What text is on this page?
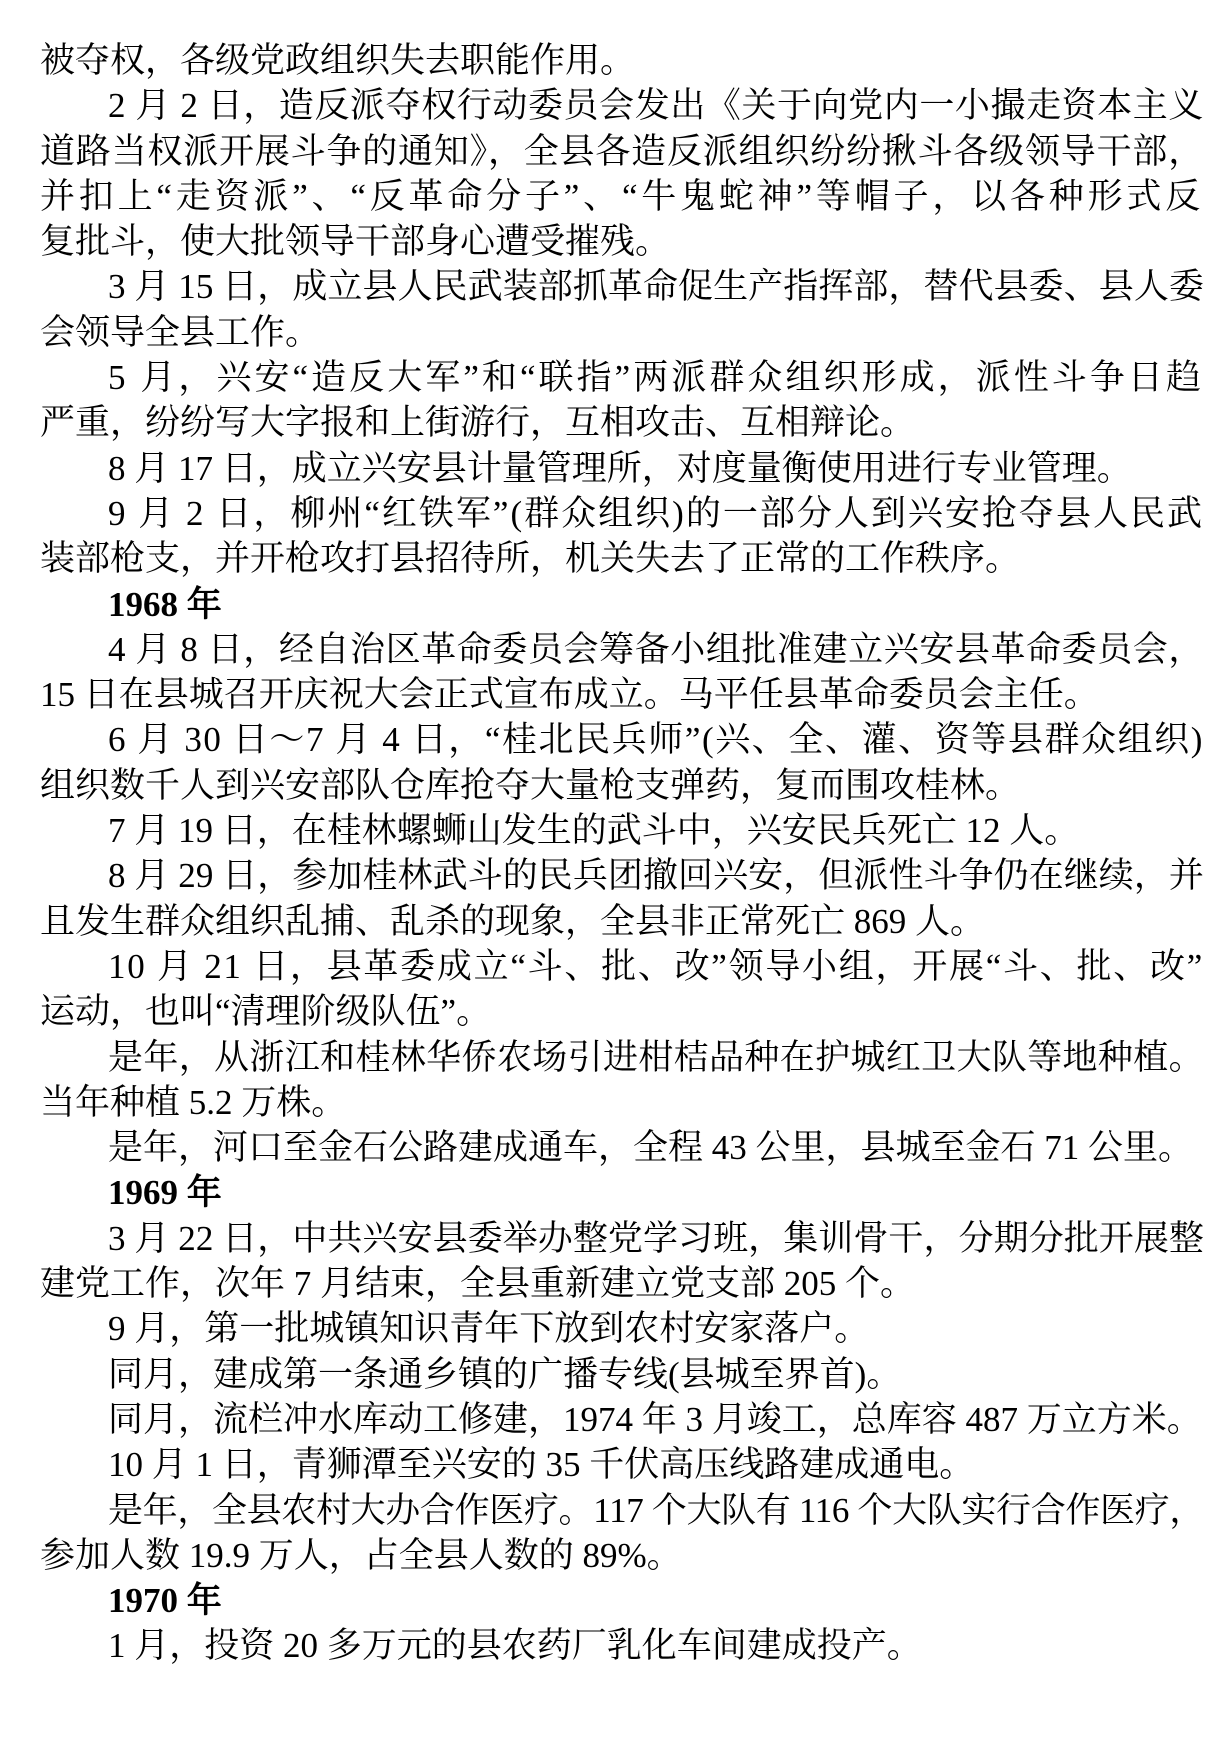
被夺权，各级党政组织失去职能作用。
2 月 2 日，造反派夺权行动委员会发出《关于向党内一小撮走资本主义
道路当权派开展斗争的通知》，全县各造反派组织纷纷揪斗各级领导干部，
并扣上“走资派”、“反革命分子”、“牛鬼蛇神”等帽子，以各种形式反
复批斗，使大批领导干部身心遭受摧残。
3 月 15 日，成立县人民武装部抓革命促生产指挥部，替代县委、县人委
会领导全县工作。
5 月，兴安“造反大军”和“联指”两派群众组织形成，派性斗争日趋
严重，纷纷写大字报和上街游行，互相攻击、互相辩论。
8 月 17 日，成立兴安县计量管理所，对度量衡使用进行专业管理。
9 月 2 日，柳州“红铁军”(群众组织)的一部分人到兴安抢夺县人民武
装部枪支，并开枪攻打县招待所，机关失去了正常的工作秩序。
1968 年
4 月 8 日，经自治区革命委员会筹备小组批准建立兴安县革命委员会，
15 日在县城召开庆祝大会正式宣布成立。马平任县革命委员会主任。
6 月 30 日～7 月 4 日，“桂北民兵师”(兴、全、灌、资等县群众组织)
组织数千人到兴安部队仓库抢夺大量枪支弹药，复而围攻桂林。
7 月 19 日，在桂林螺蛳山发生的武斗中，兴安民兵死亡 12 人。
8 月 29 日，参加桂林武斗的民兵团撤回兴安，但派性斗争仍在继续，并
且发生群众组织乱捕、乱杀的现象，全县非正常死亡 869 人。
10 月 21 日，县革委成立“斗、批、改”领导小组，开展“斗、批、改”
运动，也叫“清理阶级队伍”。
是年，从浙江和桂林华侨农场引进柑桔品种在护城红卫大队等地种植。
当年种植 5.2 万株。
是年，河口至金石公路建成通车，全程 43 公里，县城至金石 71 公里。
1969 年
3 月 22 日，中共兴安县委举办整党学习班，集训骨干，分期分批开展整
建党工作，次年 7 月结束，全县重新建立党支部 205 个。
9 月，第一批城镇知识青年下放到农村安家落户。
同月，建成第一条通乡镇的广播专线(县城至界首)。
同月，流栏冲水库动工修建，1974 年 3 月竣工，总库容 487 万立方米。
10 月 1 日，青狮潭至兴安的 35 千伏高压线路建成通电。
是年，全县农村大办合作医疗。117 个大队有 116 个大队实行合作医疗，
参加人数 19.9 万人，占全县人数的 89%。
1970 年
1 月，投资 20 多万元的县农药厂乳化车间建成投产。
